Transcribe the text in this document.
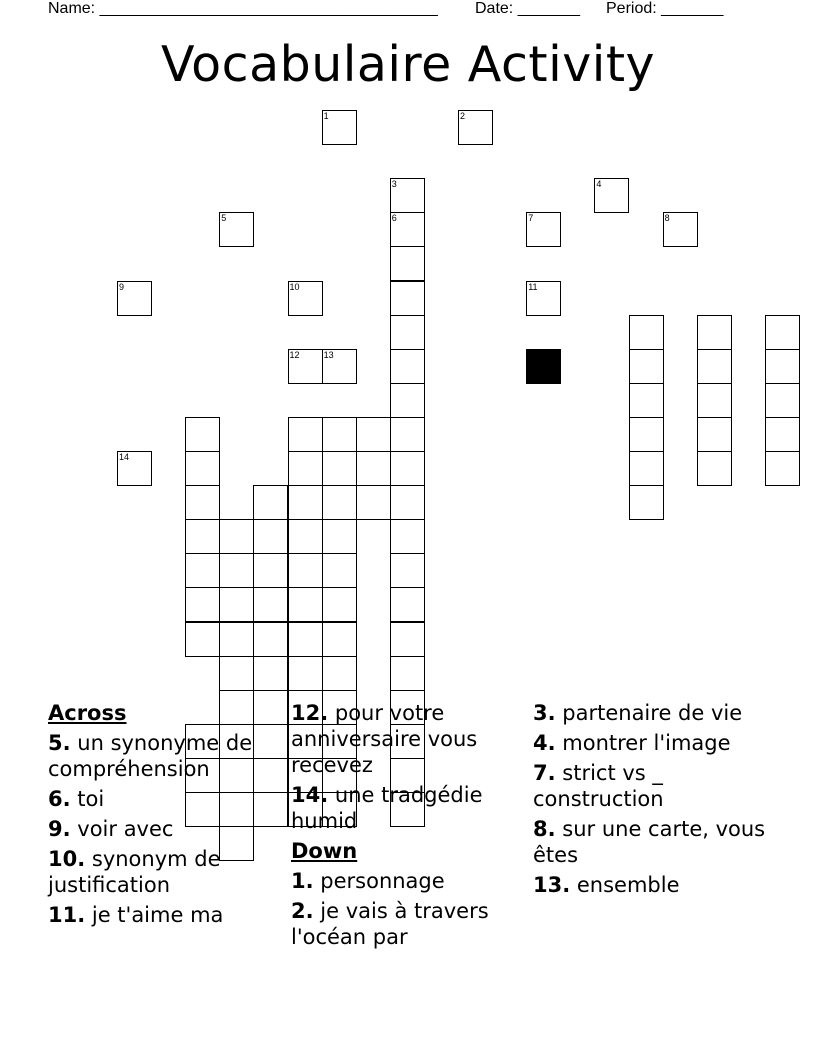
Name: ______________________________________

Date: _______

Period: _______

Vocabulaire Activity
1	2
3	4
5	6	7	8
9	10	11
12	13
14
Across
5. un synonyme de compréhension
6. toi
9. voir avec
10. synonym de justification
11. je t'aime ma
12. pour votre anniversaire vous recevez
14. une tradgédie humid
Down
1. personnage
2. je vais à travers l'océan par
3. partenaire de vie
4. montrer l'image
7. strict vs _ construction
8. sur une carte, vous êtes
13. ensemble
